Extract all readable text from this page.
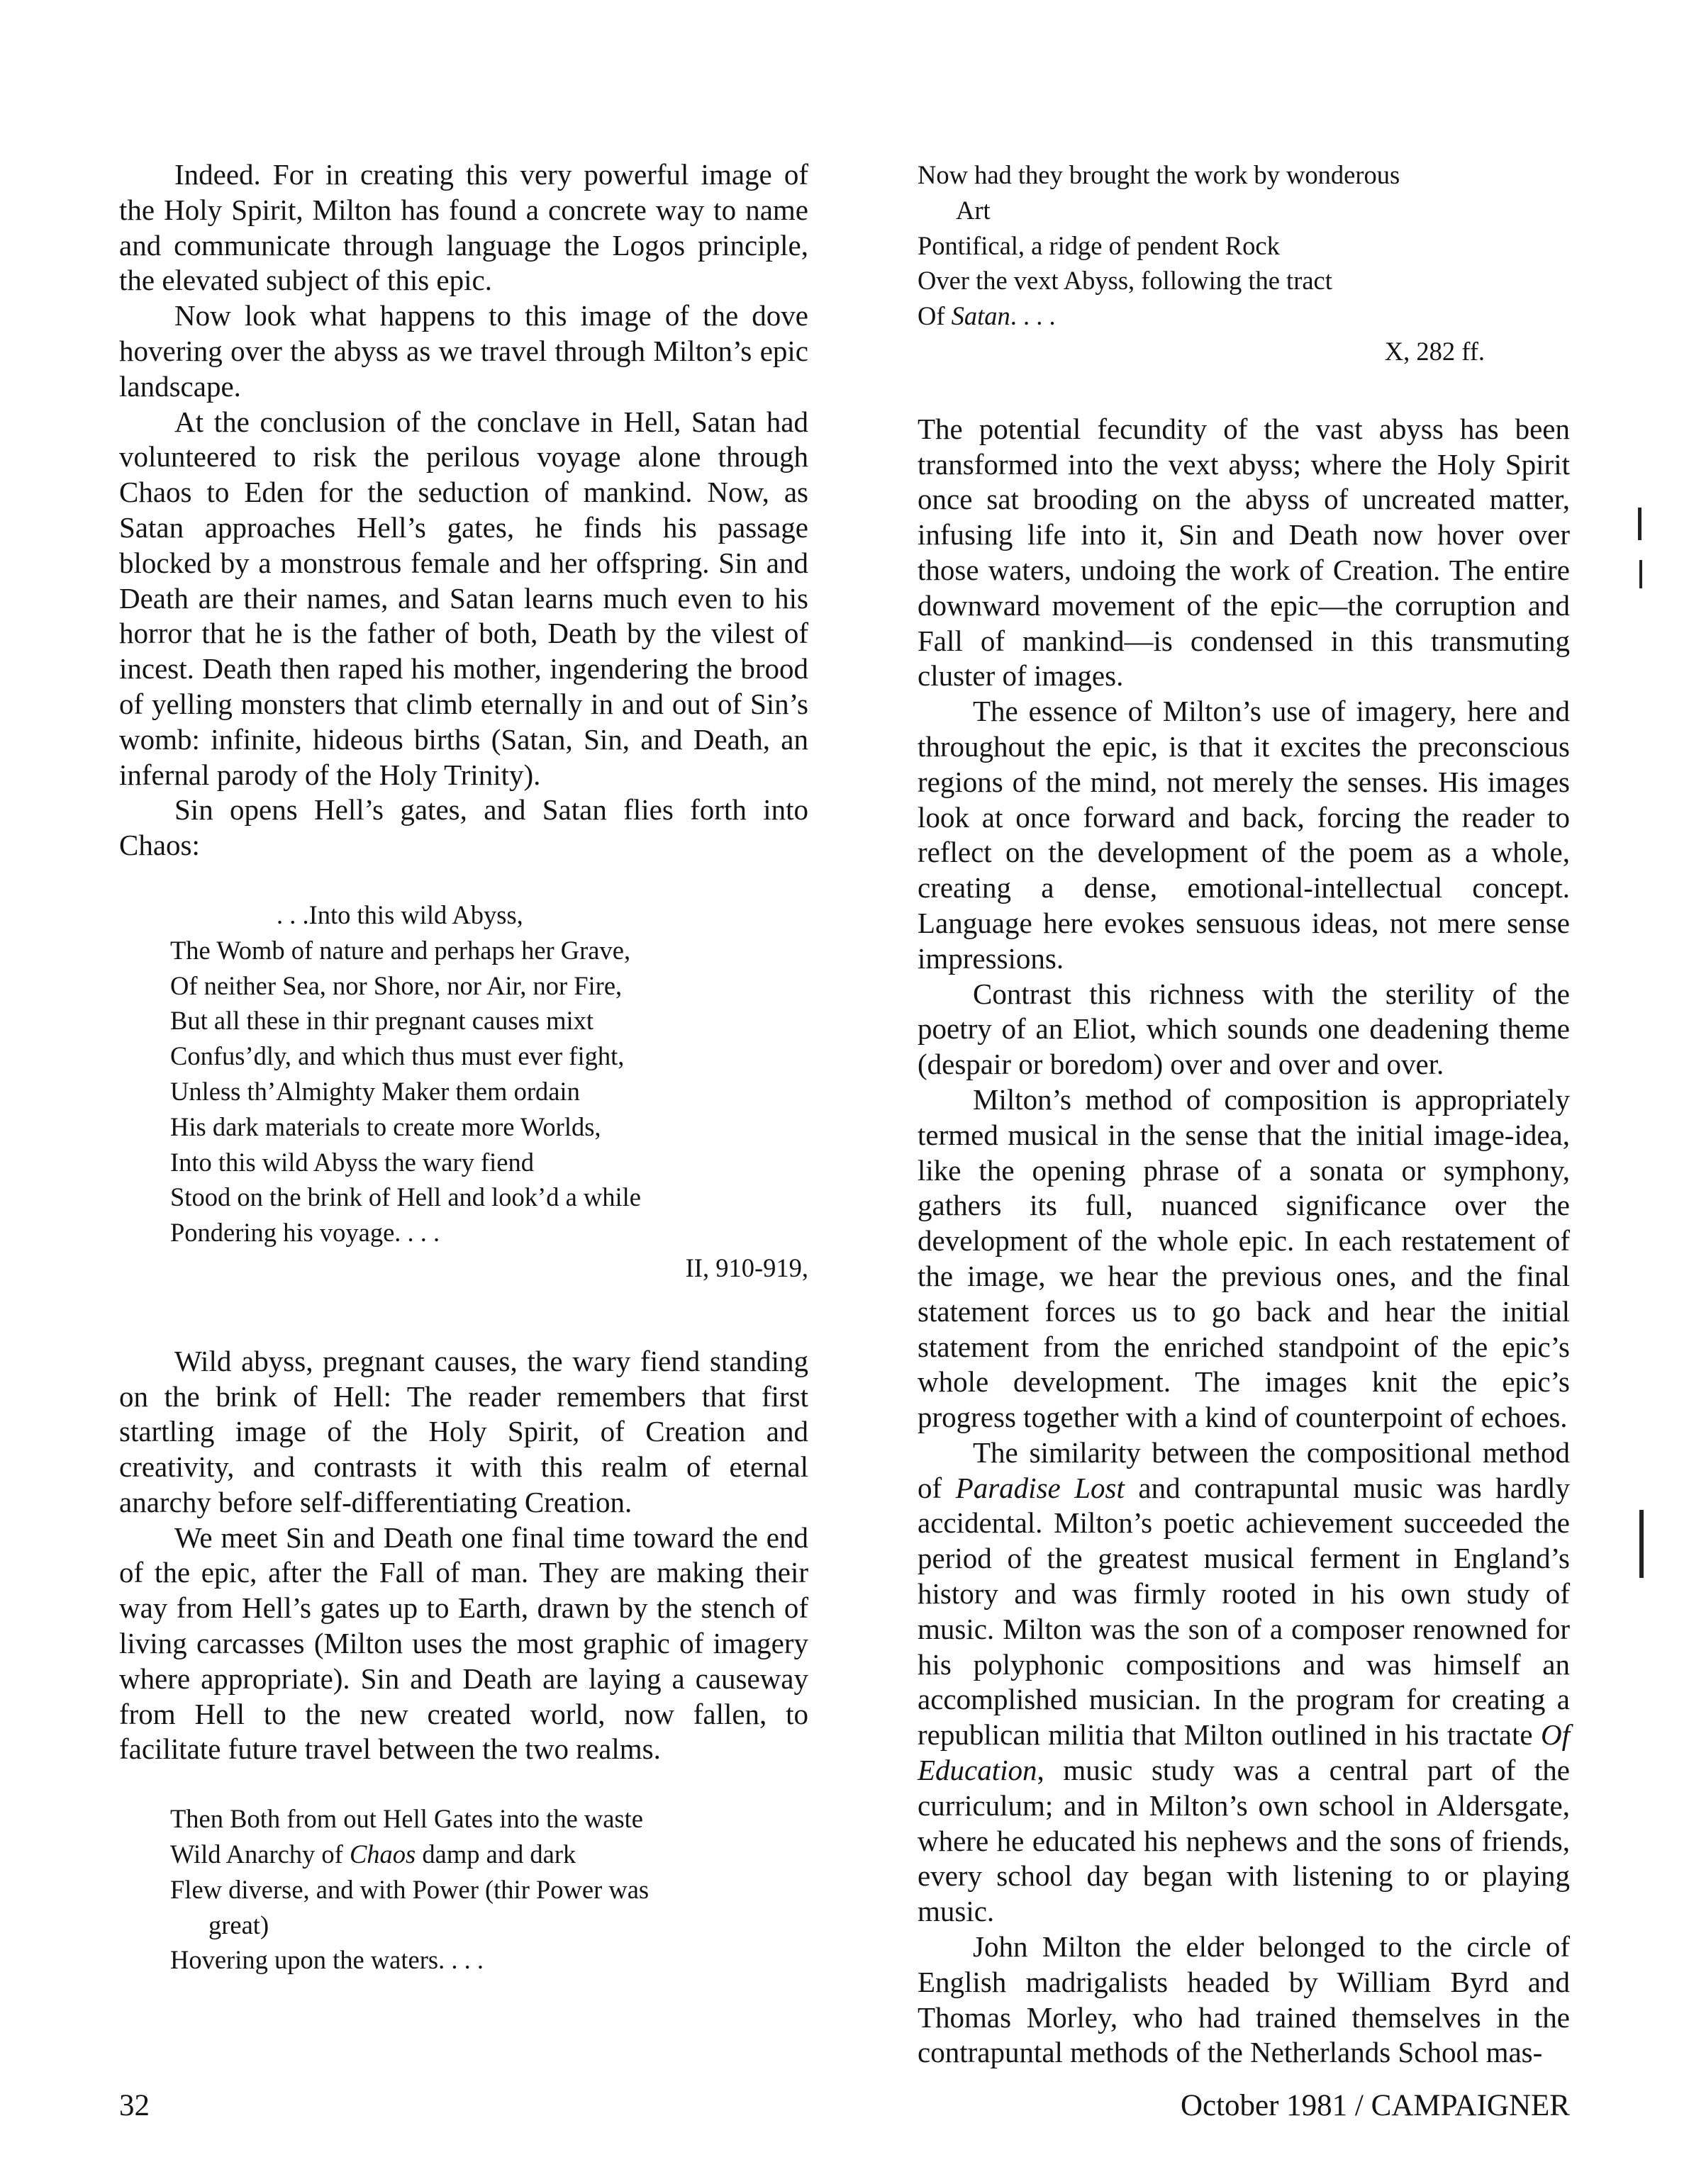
Indeed. For in creating this very powerful image of the Holy Spirit, Milton has found a concrete way to name and communicate through language the Logos principle, the elevated subject of this epic.

Now look what happens to this image of the dove hovering over the abyss as we travel through Milton’s epic landscape.

At the conclusion of the conclave in Hell, Satan had volunteered to risk the perilous voyage alone through Chaos to Eden for the seduction of mankind. Now, as Satan approaches Hell’s gates, he finds his passage blocked by a monstrous female and her offspring. Sin and Death are their names, and Satan learns much even to his horror that he is the father of both, Death by the vilest of incest. Death then raped his mother, ingendering the brood of yelling monsters that climb eternally in and out of Sin’s womb: infinite, hideous births (Satan, Sin, and Death, an infernal parody of the Holy Trinity).

Sin opens Hell’s gates, and Satan flies forth into Chaos:

. . .Into this wild Abyss,
The Womb of nature and perhaps her Grave,
Of neither Sea, nor Shore, nor Air, nor Fire,
But all these in thir pregnant causes mixt
Confus’dly, and which thus must ever fight,
Unless th’Almighty Maker them ordain
His dark materials to create more Worlds,
Into this wild Abyss the wary fiend
Stood on the brink of Hell and look’d a while
Pondering his voyage. . . .
II, 910-919,

Wild abyss, pregnant causes, the wary fiend standing on the brink of Hell: The reader remembers that first startling image of the Holy Spirit, of Creation and creativity, and contrasts it with this realm of eternal anarchy before self-differentiating Creation.

We meet Sin and Death one final time toward the end of the epic, after the Fall of man. They are making their way from Hell’s gates up to Earth, drawn by the stench of living carcasses (Milton uses the most graphic of imagery where appropriate). Sin and Death are laying a causeway from Hell to the new created world, now fallen, to facilitate future travel between the two realms.

Then Both from out Hell Gates into the waste
Wild Anarchy of Chaos damp and dark
Flew diverse, and with Power (thir Power was
great)
Hovering upon the waters. . . .
Now had they brought the work by wonderous
Art
Pontifical, a ridge of pendent Rock
Over the vext Abyss, following the tract
Of Satan. . . .
X, 282 ff.

The potential fecundity of the vast abyss has been transformed into the vext abyss; where the Holy Spirit once sat brooding on the abyss of uncreated matter, infusing life into it, Sin and Death now hover over those waters, undoing the work of Creation. The entire downward movement of the epic—the corruption and Fall of mankind—is condensed in this transmuting cluster of images.

The essence of Milton’s use of imagery, here and throughout the epic, is that it excites the preconscious regions of the mind, not merely the senses. His images look at once forward and back, forcing the reader to reflect on the development of the poem as a whole, creating a dense, emotional-intellectual concept. Language here evokes sensuous ideas, not mere sense impressions.

Contrast this richness with the sterility of the poetry of an Eliot, which sounds one deadening theme (despair or boredom) over and over and over.

Milton’s method of composition is appropriately termed musical in the sense that the initial image-idea, like the opening phrase of a sonata or symphony, gathers its full, nuanced significance over the development of the whole epic. In each restatement of the image, we hear the previous ones, and the final statement forces us to go back and hear the initial statement from the enriched standpoint of the epic’s whole development. The images knit the epic’s progress together with a kind of counterpoint of echoes.

The similarity between the compositional method of Paradise Lost and contrapuntal music was hardly accidental. Milton’s poetic achievement succeeded the period of the greatest musical ferment in England’s history and was firmly rooted in his own study of music. Milton was the son of a composer renowned for his polyphonic compositions and was himself an accomplished musician. In the program for creating a republican militia that Milton outlined in his tractate Of Education, music study was a central part of the curriculum; and in Milton’s own school in Aldersgate, where he educated his nephews and the sons of friends, every school day began with listening to or playing music.

John Milton the elder belonged to the circle of English madrigalists headed by William Byrd and Thomas Morley, who had trained themselves in the contrapuntal methods of the Netherlands School mas-

32	October 1981 / CAMPAIGNER
